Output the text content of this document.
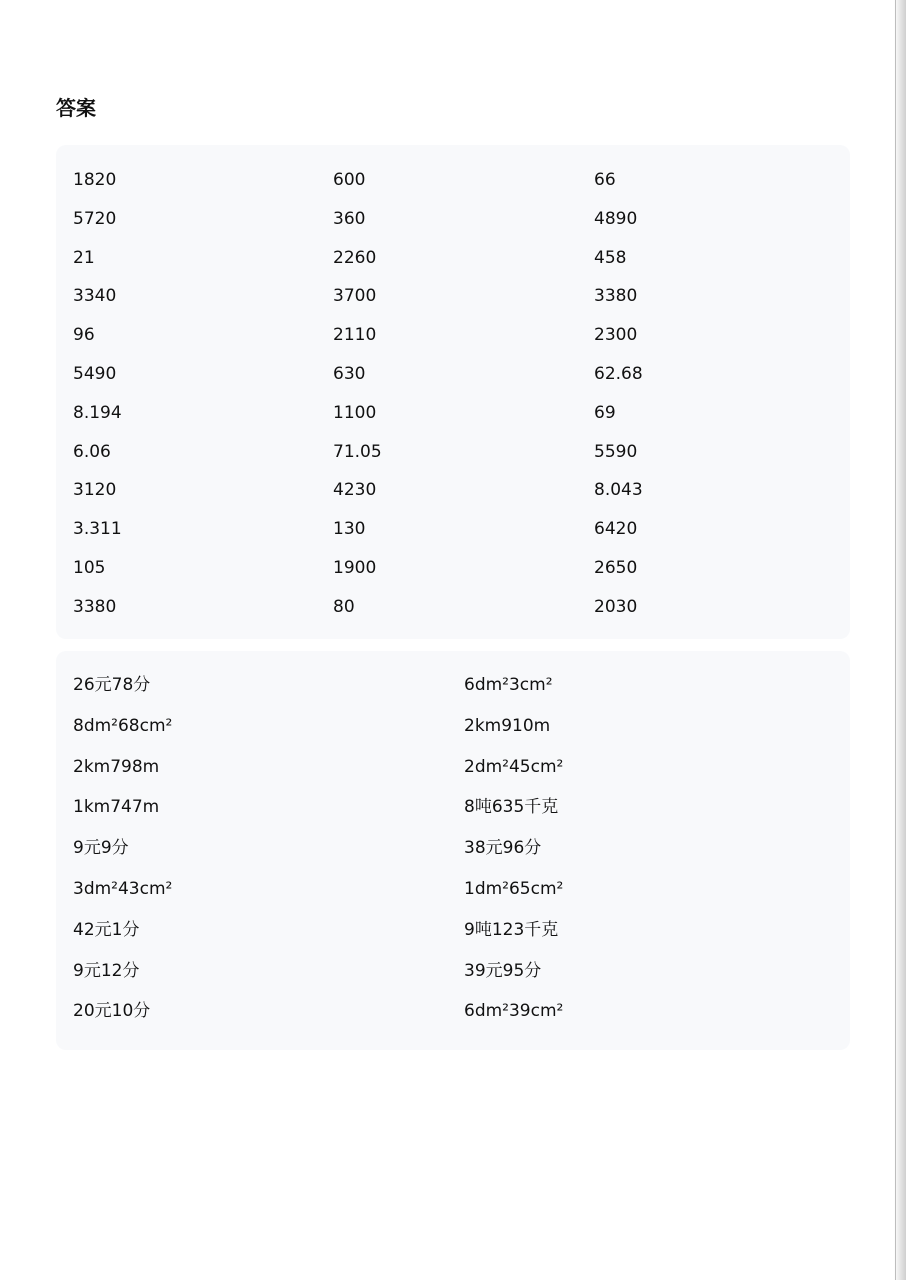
答案
1820	600	66
5720	360	4890
21	2260	458
3340	3700	3380
96	2110	2300
5490	630	62.68
8.194	1100	69
6.06	71.05	5590
3120	4230	8.043
3.311	130	6420
105	1900	2650
3380	80	2030
26元78分	6dm²3cm²
8dm²68cm²	2km910m
2km798m	2dm²45cm²
1km747m	8吨635千克
9元9分	38元96分
3dm²43cm²	1dm²65cm²
42元1分	9吨123千克
9元12分	39元95分
20元10分	6dm²39cm²
